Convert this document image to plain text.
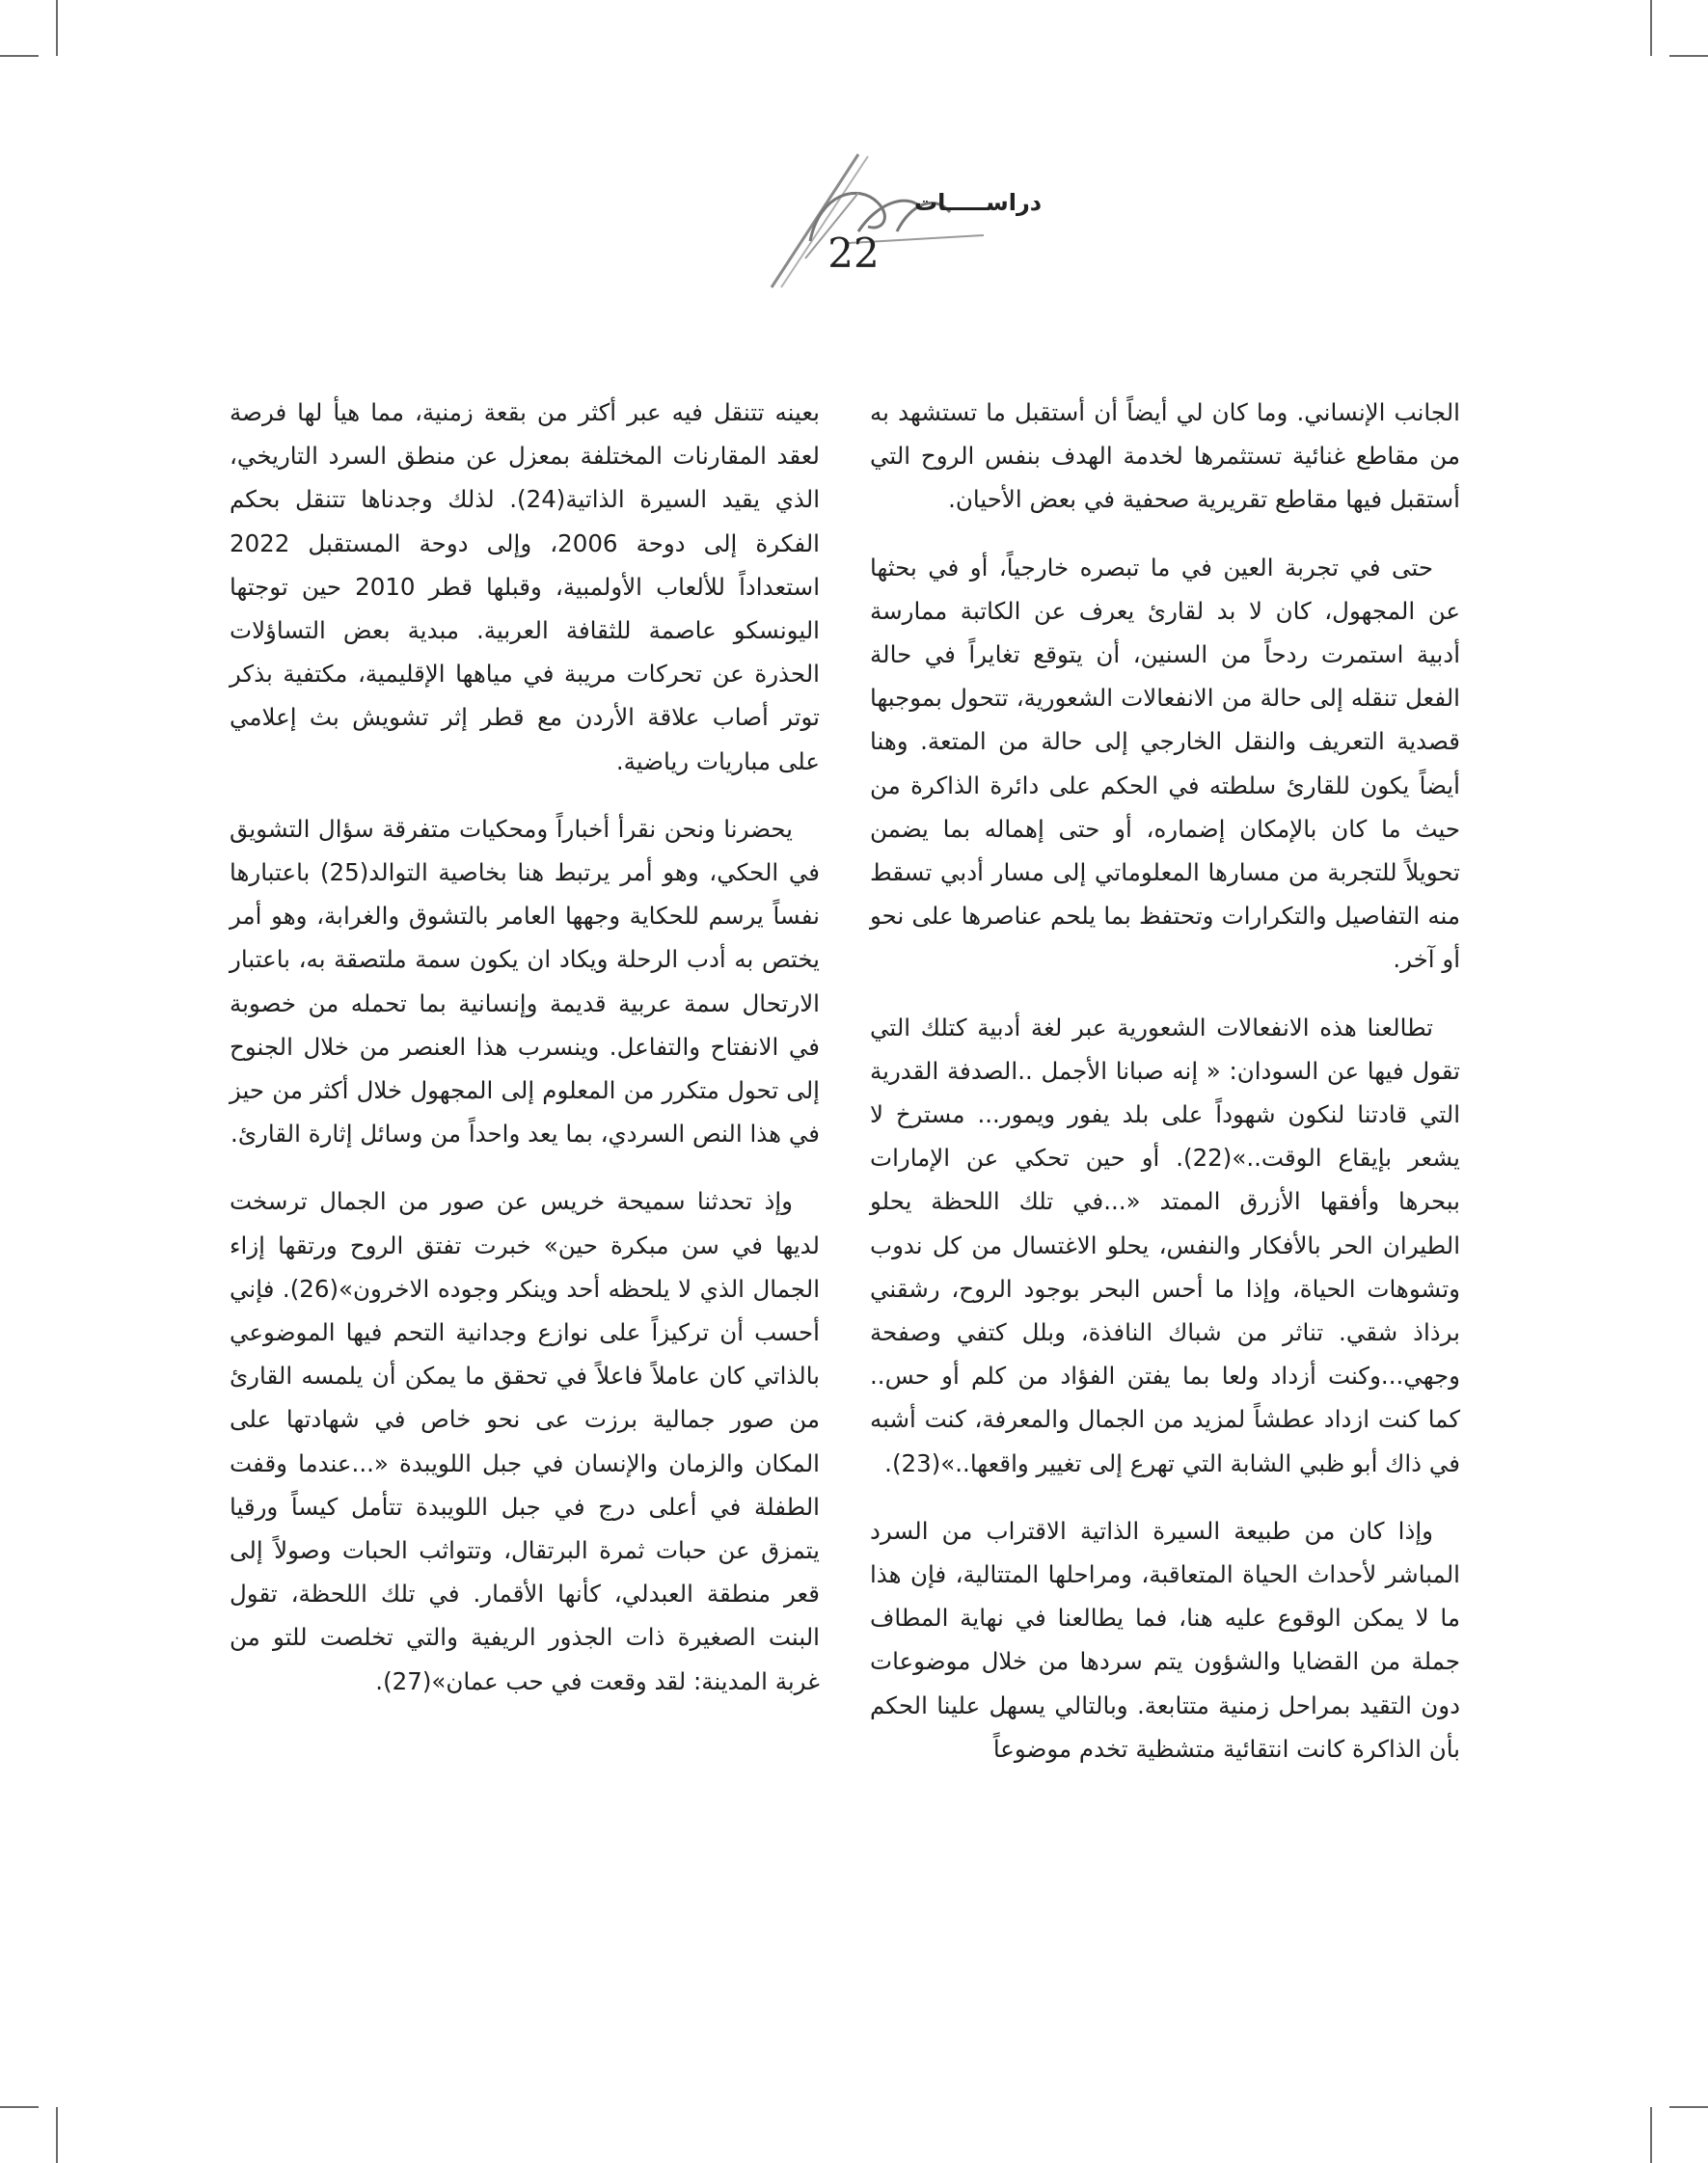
دراســـــات
22

الجانب الإنساني. وما كان لي أيضاً أن أستقبل ما تستشهد به من مقاطع غنائية تستثمرها لخدمة الهدف بنفس الروح التي أستقبل فيها مقاطع تقريرية صحفية في بعض الأحيان.

حتى في تجربة العين في ما تبصره خارجياً، أو في بحثها عن المجهول، كان لا بد لقارئ يعرف عن الكاتبة ممارسة أدبية استمرت ردحاً من السنين، أن يتوقع تغايراً في حالة الفعل تنقله إلى حالة من الانفعالات الشعورية، تتحول بموجبها قصدية التعريف والنقل الخارجي إلى حالة من المتعة. وهنا أيضاً يكون للقارئ سلطته في الحكم على دائرة الذاكرة من حيث ما كان بالإمكان إضماره، أو حتى إهماله بما يضمن تحويلاً للتجربة من مسارها المعلوماتي إلى مسار أدبي تسقط منه التفاصيل والتكرارات وتحتفظ بما يلحم عناصرها على نحو أو آخر.

تطالعنا هذه الانفعالات الشعورية عبر لغة أدبية كتلك التي تقول فيها عن السودان: « إنه صبانا الأجمل ..الصدفة القدرية التي قادتنا لنكون شهوداً على بلد يفور ويمور... مسترخ لا يشعر بإيقاع الوقت..»(22). أو حين تحكي عن الإمارات ببحرها وأفقها الأزرق الممتد «...في تلك اللحظة يحلو الطيران الحر بالأفكار والنفس، يحلو الاغتسال من كل ندوب وتشوهات الحياة، وإذا ما أحس البحر بوجود الروح، رشقني برذاذ شقي. تناثر من شباك النافذة، وبلل كتفي وصفحة وجهي...وكنت أزداد ولعا بما يفتن الفؤاد من كلم أو حس.. كما كنت ازداد عطشاً لمزيد من الجمال والمعرفة، كنت أشبه في ذاك أبو ظبي الشابة التي تهرع إلى تغيير واقعها..»(23).

وإذا كان من طبيعة السيرة الذاتية الاقتراب من السرد المباشر لأحداث الحياة المتعاقبة، ومراحلها المتتالية، فإن هذا ما لا يمكن الوقوع عليه هنا، فما يطالعنا في نهاية المطاف جملة من القضايا والشؤون يتم سردها من خلال موضوعات دون التقيد بمراحل زمنية متتابعة. وبالتالي يسهل علينا الحكم بأن الذاكرة كانت انتقائية متشظية تخدم موضوعاً

بعينه تتنقل فيه عبر أكثر من بقعة زمنية، مما هيأ لها فرصة لعقد المقارنات المختلفة بمعزل عن منطق السرد التاريخي، الذي يقيد السيرة الذاتية(24). لذلك وجدناها تتنقل بحكم الفكرة إلى دوحة 2006، وإلى دوحة المستقبل 2022 استعداداً للألعاب الأولمبية، وقبلها قطر 2010 حين توجتها اليونسكو عاصمة للثقافة العربية. مبدية بعض التساؤلات الحذرة عن تحركات مريبة في مياهها الإقليمية، مكتفية بذكر توتر أصاب علاقة الأردن مع قطر إثر تشويش بث إعلامي على مباريات رياضية.

يحضرنا ونحن نقرأ أخباراً ومحكيات متفرقة سؤال التشويق في الحكي، وهو أمر يرتبط هنا بخاصية التوالد(25) باعتبارها نفساً يرسم للحكاية وجهها العامر بالتشوق والغرابة، وهو أمر يختص به أدب الرحلة ويكاد ان يكون سمة ملتصقة به، باعتبار الارتحال سمة عربية قديمة وإنسانية بما تحمله من خصوبة في الانفتاح والتفاعل. وينسرب هذا العنصر من خلال الجنوح إلى تحول متكرر من المعلوم إلى المجهول خلال أكثر من حيز في هذا النص السردي، بما يعد واحداً من وسائل إثارة القارئ.

وإذ تحدثنا سميحة خريس عن صور من الجمال ترسخت لديها في سن مبكرة حين» خبرت تفتق الروح ورتقها إزاء الجمال الذي لا يلحظه أحد وينكر وجوده الاخرون»(26). فإني أحسب أن تركيزاً على نوازع وجدانية التحم فيها الموضوعي بالذاتي كان عاملاً فاعلاً في تحقق ما يمكن أن يلمسه القارئ من صور جمالية برزت عى نحو خاص في شهادتها على المكان والزمان والإنسان في جبل اللويبدة «...عندما وقفت الطفلة في أعلى درج في جبل اللويبدة تتأمل كيساً ورقيا يتمزق عن حبات ثمرة البرتقال، وتتواثب الحبات وصولاً إلى قعر منطقة العبدلي، كأنها الأقمار. في تلك اللحظة، تقول البنت الصغيرة ذات الجذور الريفية والتي تخلصت للتو من غربة المدينة: لقد وقعت في حب عمان»(27).
